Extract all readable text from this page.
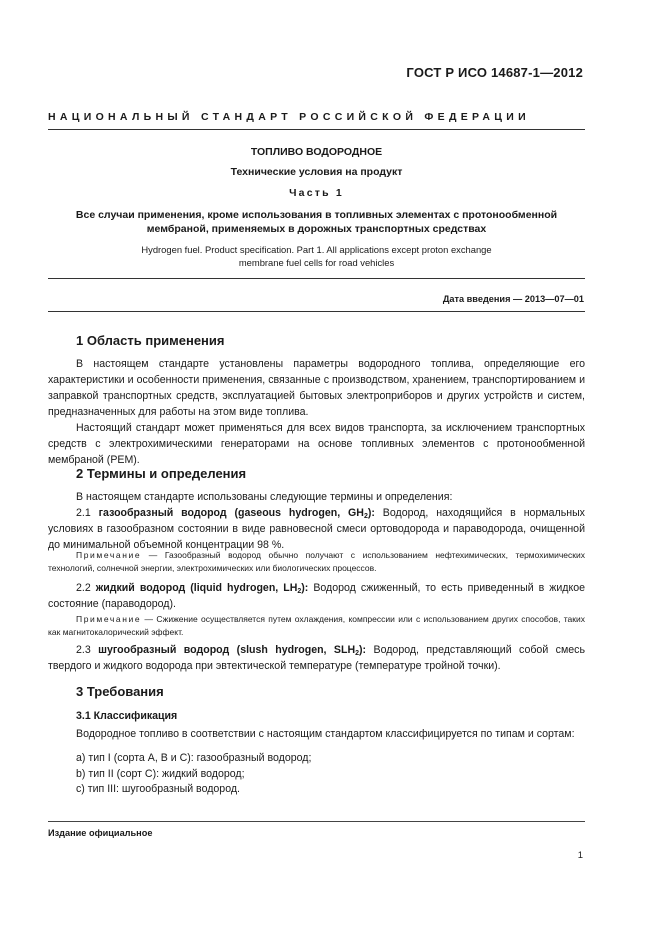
ГОСТ Р ИСО 14687-1—2012
НАЦИОНАЛЬНЫЙ СТАНДАРТ РОССИЙСКОЙ ФЕДЕРАЦИИ
ТОПЛИВО ВОДОРОДНОЕ
Технические условия на продукт
Часть 1
Все случаи применения, кроме использования в топливных элементах с протонообменной
мембраной, применяемых в дорожных транспортных средствах
Hydrogen fuel. Product specification. Part 1. All applications except proton exchange
membrane fuel cells for road vehicles
Дата введения — 2013—07—01
1 Область применения

В настоящем стандарте установлены параметры водородного топлива, определяющие его характеристики и особенности применения, связанные с производством, хранением, транспортированием и заправкой транспортных средств, эксплуатацией бытовых электроприборов и других устройств и систем, предназначенных для работы на этом виде топлива.

Настоящий стандарт может применяться для всех видов транспорта, за исключением транспортных средств с электрохимическими генераторами на основе топливных элементов с протонообменной мембраной (PEM).

2 Термины и определения

В настоящем стандарте использованы следующие термины и определения:

2.1 газообразный водород (gaseous hydrogen, $GH_2$): Водород, находящийся в нормальных условиях в газообразном состоянии в виде равновесной смеси ортоводорода и параводорода, очищенной до минимальной объемной концентрации 98 %.

Примечание — Газообразный водород обычно получают с использованием нефтехимических, термохимических технологий, солнечной энергии, электрохимических или биологических процессов.

2.2 жидкий водород (liquid hydrogen, $LH_2$): Водород сжиженный, то есть приведенный в жидкое состояние (параводород).

Примечание — Сжижение осуществляется путем охлаждения, компрессии или с использованием других способов, таких как магнитокалорический эффект.

2.3 шугообразный водород (slush hydrogen, $SLH_2$): Водород, представляющий собой смесь твердого и жидкого водорода при эвтектической температуре (температуре тройной точки).

3 Требования
3.1 Классификация

Водородное топливо в соответствии с настоящим стандартом классифицируется по типам и сортам:

a) тип I (сорта A, B и C): газообразный водород;
b) тип II (сорт C): жидкий водород;
c) тип III: шугообразный водород.
Издание официальное
1
